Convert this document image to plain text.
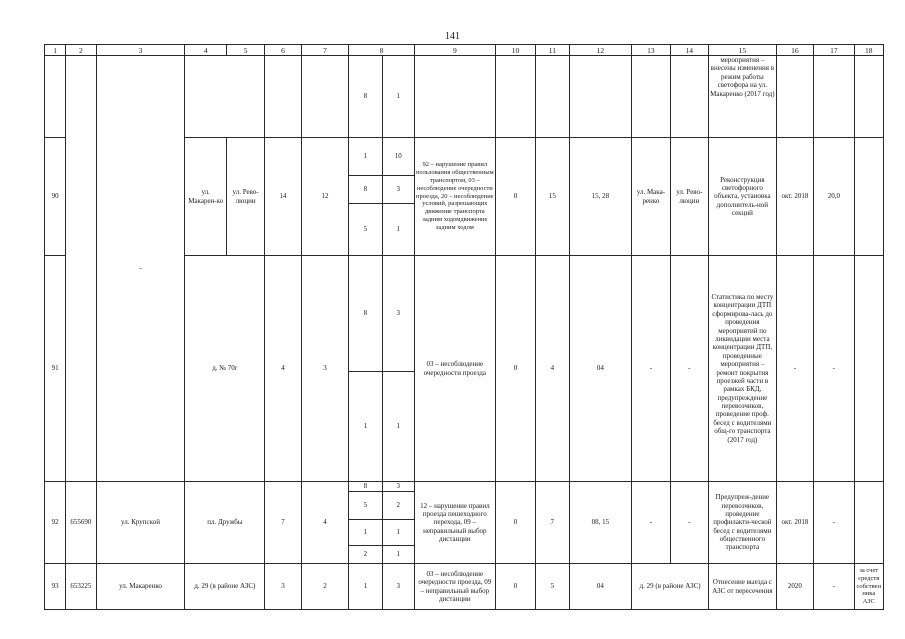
141
1	2	3	4	5	6	7	8		9	10	11	12	13	14	15	16	17	18
		-					8	1							мероприятия – внесены изменения в режим работы светофора на ул. Макаренко (2017 год)			
90			ул. Макарен-ко	ул. Рево-люции	14	12	1	10	92 – нарушение правил пользования общественным транспортом, 03 – несоблюдение очередности проезда, 20 – несоблюдение условий, разрешающих движение транспорта задним ходомдвижение задним ходом	0	15	15, 28	ул. Мака-ренко	ул. Рево-люции	Реконструкция светофорного объекта, установка дополнитель-ной секций	окт. 2018	20,0	
							8	3										
							5	1										
91			д. № 70г		4	3	8	3	03 – несоблюдение очередности проезда	0	4	04	-	-	Статистика по месту концентрации ДТП сформирова-лась до проведения мероприятий по ликвидации места концентрации ДТП, проведенные мероприятия – ремонт покрытия проезжей части в рамках БКД, предупреждение перевозчиков, проведение проф. бесед с водителями общ-го транспорта (2017 год)	-	-	
							1	1										
92	655690	ул. Крупской	пл. Дружбы		7	4	8	3	12 – нарушение правил проезда пешеходного перехода, 09 – неправильный выбор дистанции	0	7	08, 15	-	-	Предупреж-дение перевозчиков, проведение профилакти-ческой бесед с водителями общественного транспорта	окт. 2018	-	
							5	2										
							1	1										
							2	1										
93	653225	ул. Макаренко	д. 29 (в районе АЗС)		3	2	1	3	03 – несоблюдение очередности проезда, 09 – неправильный выбор дистанции	0	5	04	д. 29 (в районе АЗС)		Отнесение выезда с АЗС от пересечения	2020	-	за счет средств собствен ника АЗС
